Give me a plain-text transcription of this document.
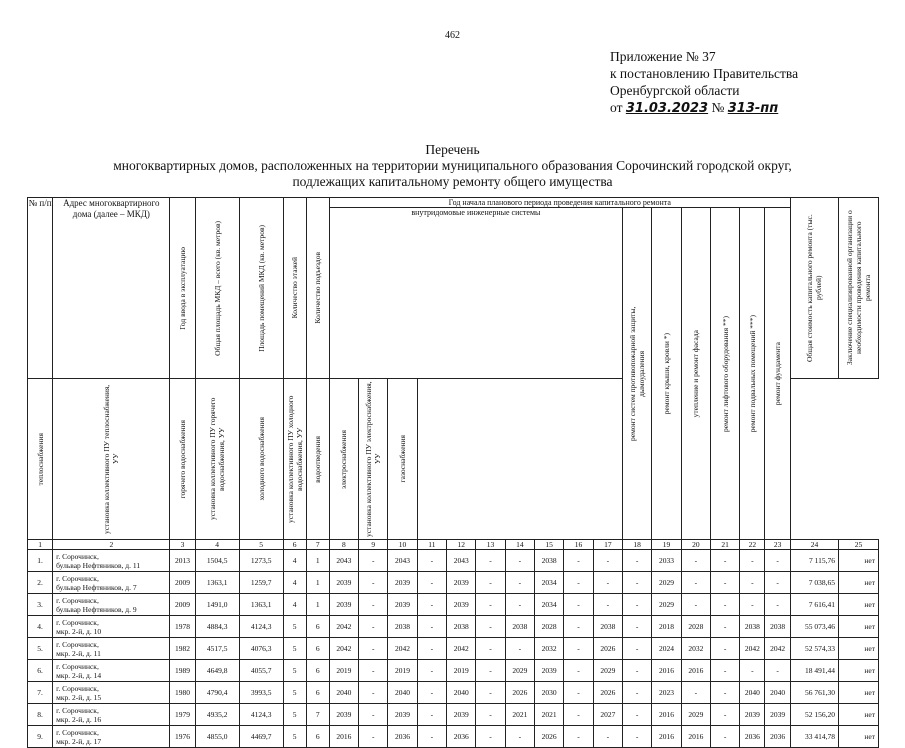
462
Приложение № 37
к постановлению Правительства
Оренбургской области
от 31.03.2023 № 313-пп
Перечень
многоквартирных домов, расположенных на территории муниципального образования Сорочинский городской округ,
подлежащих капитальному ремонту общего имущества
№ п/п	Адрес многоквартирного дома (далее – МКД)	Год ввода в эксплуатацию	Общая площадь МКД – всего (кв. метров)	Площадь помещений МКД (кв. метров)	Количество этажей	Количество подъездов	Год начала планового периода проведения капитального ремонта																Общая стоимость капитального ремонта (тыс. рублей)	Заключение специализированной организации о необходимости проведения капитального ремонта

							внутридомовые инженерные системы										ремонт систем противопожарной защиты, дымоудаления	ремонт крыши, кровли *)	утепление и ремонт фасада	ремонт лифтового оборудования **)	ремонт подвальных помещений ***)	ремонт фундамента		

теплоснабжения	установка коллективного ПУ теплоснабжения, УУ	горячего водоснабжения	установка коллективного ПУ горячего водоснабжения, УУ	холодного водоснабжения	установка коллективного ПУ холодного водоснабжения, УУ	водоотведения	электроснабжения	установка коллективного ПУ электроснабжения, УУ	газоснабжения															

1	2	3	4	5	6	7	8	9	10	11	12	13	14	15	16	17	18	19	20	21	22	23	24	25
1.	г. Сорочинск,
бульвар Нефтяников, д. 11	2013	1504,5	1273,5	4	1	2043	-	2043	-	2043	-	-	2038	-	-	-	2033	-	-	-	-	7 115,76	нет
2.	г. Сорочинск,
бульвар Нефтяников, д. 7	2009	1363,1	1259,7	4	1	2039	-	2039	-	2039	-	-	2034	-	-	-	2029	-	-	-	-	7 038,65	нет
3.	г. Сорочинск,
бульвар Нефтяников, д. 9	2009	1491,0	1363,1	4	1	2039	-	2039	-	2039	-	-	2034	-	-	-	2029	-	-	-	-	7 616,41	нет
4.	г. Сорочинск,
мкр. 2-й, д. 10	1978	4884,3	4124,3	5	6	2042	-	2038	-	2038	-	2038	2028	-	2038	-	2018	2028	-	2038	2038	55 073,46	нет
5.	г. Сорочинск,
мкр. 2-й, д. 11	1982	4517,5	4076,3	5	6	2042	-	2042	-	2042	-	-	2032	-	2026	-	2024	2032	-	2042	2042	52 574,33	нет
6.	г. Сорочинск,
мкр. 2-й, д. 14	1989	4649,8	4055,7	5	6	2019	-	2019	-	2019	-	2029	2039	-	2029	-	2016	2016	-	-	-	18 491,44	нет
7.	г. Сорочинск,
мкр. 2-й, д. 15	1980	4790,4	3993,5	5	6	2040	-	2040	-	2040	-	2026	2030	-	2026	-	2023	-	-	2040	2040	56 761,30	нет
8.	г. Сорочинск,
мкр. 2-й, д. 16	1979	4935,2	4124,3	5	7	2039	-	2039	-	2039	-	2021	2021	-	2027	-	2016	2029	-	2039	2039	52 156,20	нет
9.	г. Сорочинск,
мкр. 2-й, д. 17	1976	4855,0	4469,7	5	6	2016	-	2036	-	2036	-	-	2026	-	-	-	2016	2016	-	2036	2036	33 414,78	нет
